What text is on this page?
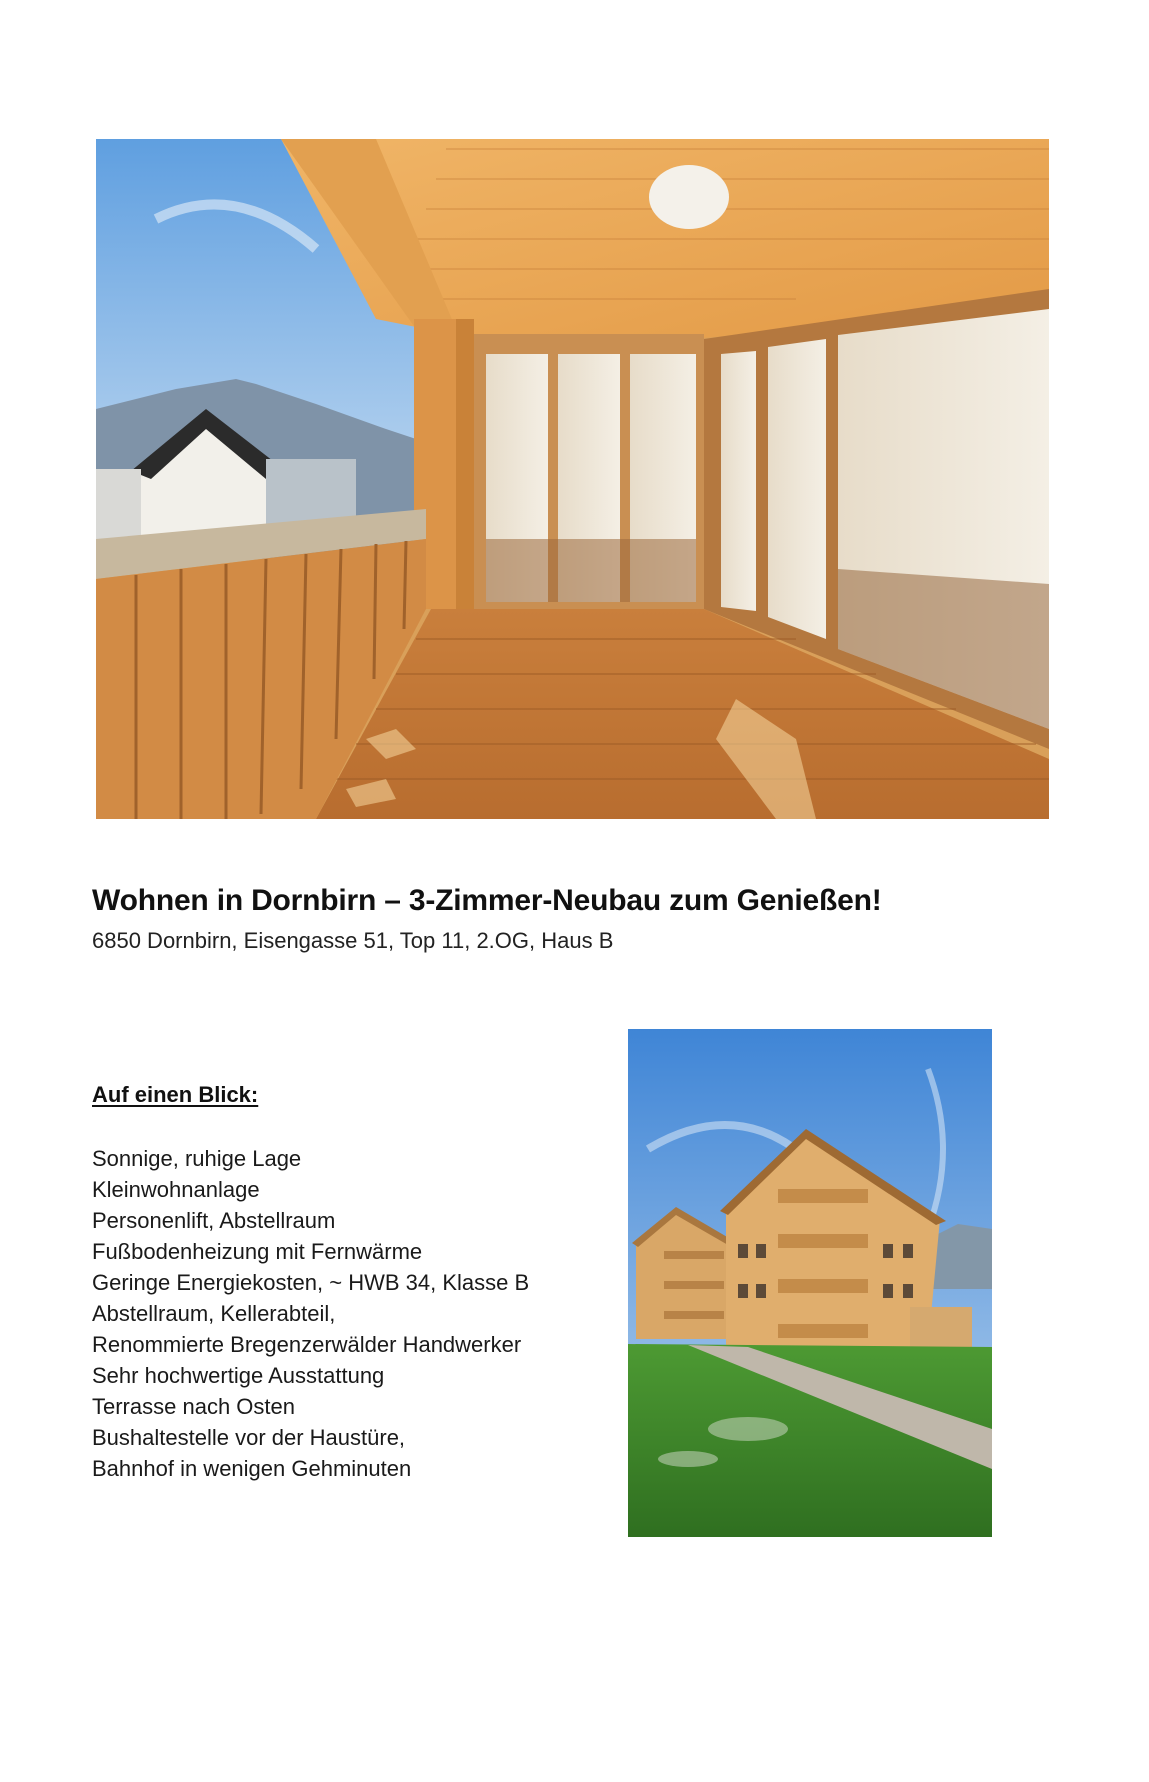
Wohnen in Dornbirn – 3-Zimmer-Neubau zum Genießen!
6850 Dornbirn, Eisengasse 51, Top 11, 2.OG, Haus B
Auf einen Blick:
Sonnige, ruhige Lage
Kleinwohnanlage
Personenlift, Abstellraum
Fußbodenheizung mit Fernwärme
Geringe Energiekosten, ~ HWB 34, Klasse B
Abstellraum, Kellerabteil,
Renommierte Bregenzerwälder Handwerker
Sehr hochwertige Ausstattung
Terrasse nach Osten
Bushaltestelle vor der Haustüre,
Bahnhof in wenigen Gehminuten
